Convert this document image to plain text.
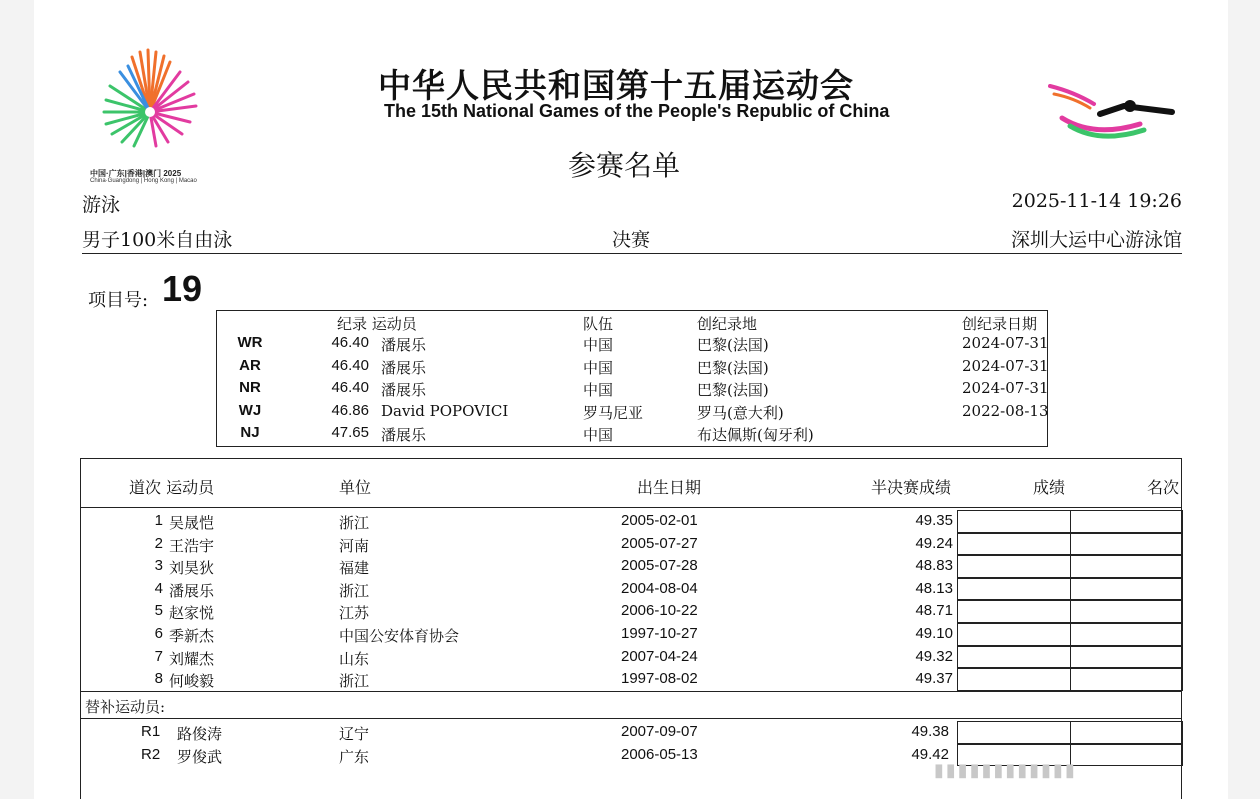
中国·广东|香港|澳门 2025
China·Guangdong | Hong Kong | Macao
中华人民共和国第十五届运动会
The 15th National Games of the People's Republic of China
参赛名单
游泳	2025-11-14 19:26
男子100米自由泳	决赛	深圳大运中心游泳馆
项目号: 19
纪录 运动员	队伍	创纪录地	创纪录日期
WR	46.40 潘展乐	中国	巴黎(法国)	2024-07-31
AR	46.40 潘展乐	中国	巴黎(法国)	2024-07-31
NR	46.40 潘展乐	中国	巴黎(法国)	2024-07-31
WJ	46.86 David POPOVICI	罗马尼亚	罗马(意大利)	2022-08-13
NJ	47.65 潘展乐	中国	布达佩斯(匈牙利)
道次 运动员	单位	出生日期	半决赛成绩	成绩	名次
1 吴晟恺	浙江	2005-02-01	49.35
2 王浩宇	河南	2005-07-27	49.24
3 刘昊狄	福建	2005-07-28	48.83
4 潘展乐	浙江	2004-08-04	48.13
5 赵家悦	江苏	2006-10-22	48.71
6 季新杰	中国公安体育协会	1997-10-27	49.10
7 刘耀杰	山东	2007-04-24	49.32
8 何峻毅	浙江	1997-08-02	49.37
替补运动员:
R1 路俊涛	辽宁	2007-09-07	49.38
R2 罗俊武	广东	2006-05-13	49.42
▮▮▮▮▮▮▮▮▮▮▮▮
